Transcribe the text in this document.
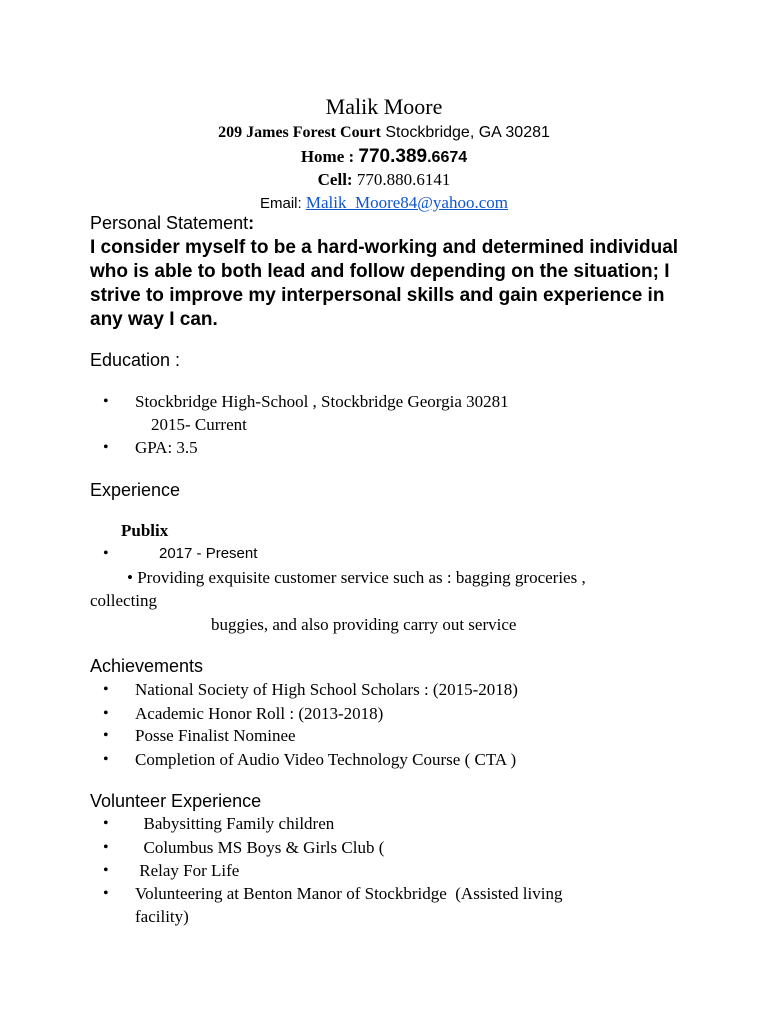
Malik Moore
209 James Forest Court Stockbridge, GA 30281
Home : 770.389.6674
Cell: 770.880.6141
Email: Malik_Moore84@yahoo.com
Personal Statement:
I consider myself to be a hard-working and determined individual who is able to both lead and follow depending on the situation; I strive to improve my interpersonal skills and gain experience in any way I can.
Education :
• Stockbridge High-School , Stockbridge Georgia 30281
2015- Current
• GPA: 3.5
Experience
Publix
•	2017 - Present
• Providing exquisite customer service such as : bagging groceries ,
collecting
buggies, and also providing carry out service
Achievements
• National Society of High School Scholars : (2015-2018)
• Academic Honor Roll : (2013-2018)
• Posse Finalist Nominee
• Completion of Audio Video Technology Course ( CTA )
Volunteer Experience
• Babysitting Family children
• Columbus MS Boys & Girls Club (
• Relay For Life
• Volunteering at Benton Manor of Stockbridge  (Assisted living
facility)
